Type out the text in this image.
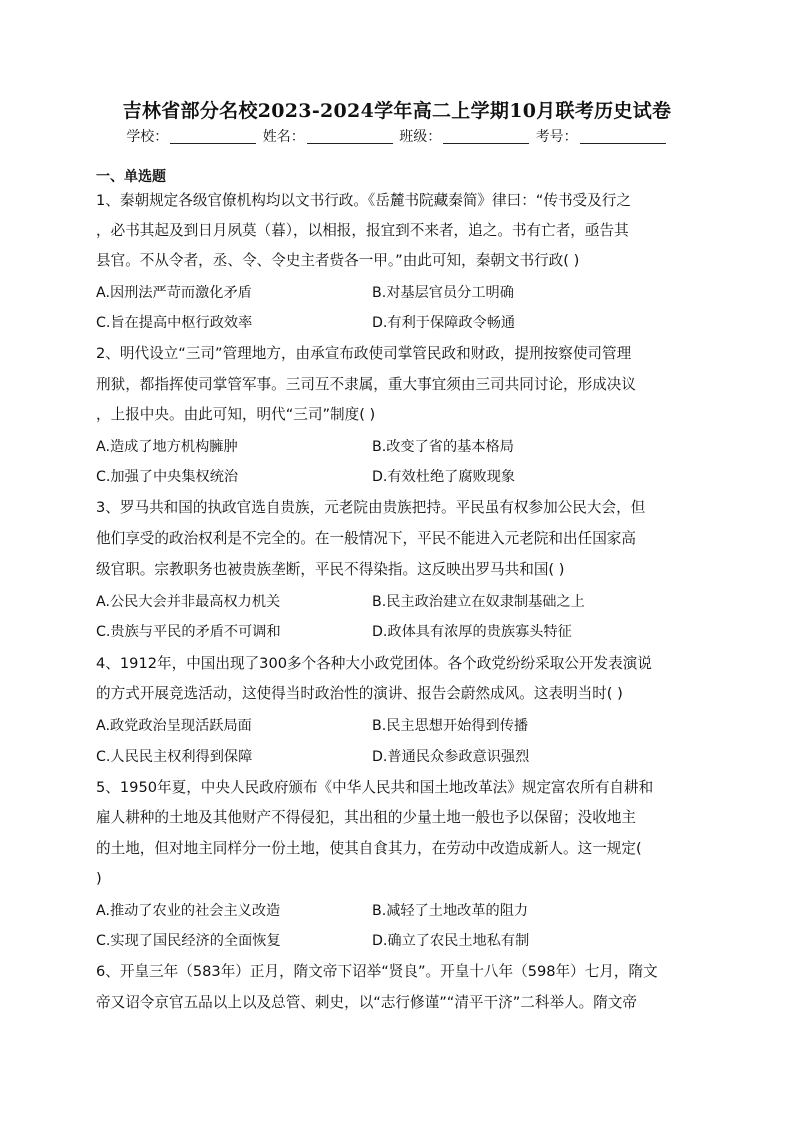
吉林省部分名校2023-2024学年高二上学期10月联考历史试卷
学校：	姓名：	班级：	考号：
一、单选题
1、秦朝规定各级官僚机构均以文书行政。《岳麓书院藏秦简》律曰：“传书受及行之
，必书其起及到日月夙莫（暮），以相报，报宜到不来者，追之。书有亡者，亟告其
县官。不从令者，丞、令、令史主者赀各一甲。”由此可知，秦朝文书行政( )
A.因刑法严苛而激化矛盾	B.对基层官员分工明确
C.旨在提高中枢行政效率	D.有利于保障政令畅通
2、明代设立“三司”管理地方，由承宣布政使司掌管民政和财政，提刑按察使司管理
刑狱，都指挥使司掌管军事。三司互不隶属，重大事宜须由三司共同讨论，形成决议
，上报中央。由此可知，明代“三司”制度( )
A.造成了地方机构臃肿	B.改变了省的基本格局
C.加强了中央集权统治	D.有效杜绝了腐败现象
3、罗马共和国的执政官选自贵族，元老院由贵族把持。平民虽有权参加公民大会，但
他们享受的政治权利是不完全的。在一般情况下，平民不能进入元老院和出任国家高
级官职。宗教职务也被贵族垄断，平民不得染指。这反映出罗马共和国( )
A.公民大会并非最高权力机关	B.民主政治建立在奴隶制基础之上
C.贵族与平民的矛盾不可调和	D.政体具有浓厚的贵族寡头特征
4、1912年，中国出现了300多个各种大小政党团体。各个政党纷纷采取公开发表演说
的方式开展竞选活动，这使得当时政治性的演讲、报告会蔚然成风。这表明当时( )
A.政党政治呈现活跃局面	B.民主思想开始得到传播
C.人民民主权利得到保障	D.普通民众参政意识强烈
5、1950年夏，中央人民政府颁布《中华人民共和国土地改革法》规定富农所有自耕和
雇人耕种的土地及其他财产不得侵犯，其出租的少量土地一般也予以保留；没收地主
的土地，但对地主同样分一份土地，使其自食其力，在劳动中改造成新人。这一规定(
)
A.推动了农业的社会主义改造	B.减轻了土地改革的阻力
C.实现了国民经济的全面恢复	D.确立了农民土地私有制
6、开皇三年（583年）正月，隋文帝下诏举“贤良”。开皇十八年（598年）七月，隋文
帝又诏令京官五品以上以及总管、刺史，以“志行修谨”“清平干济”二科举人。隋文帝
